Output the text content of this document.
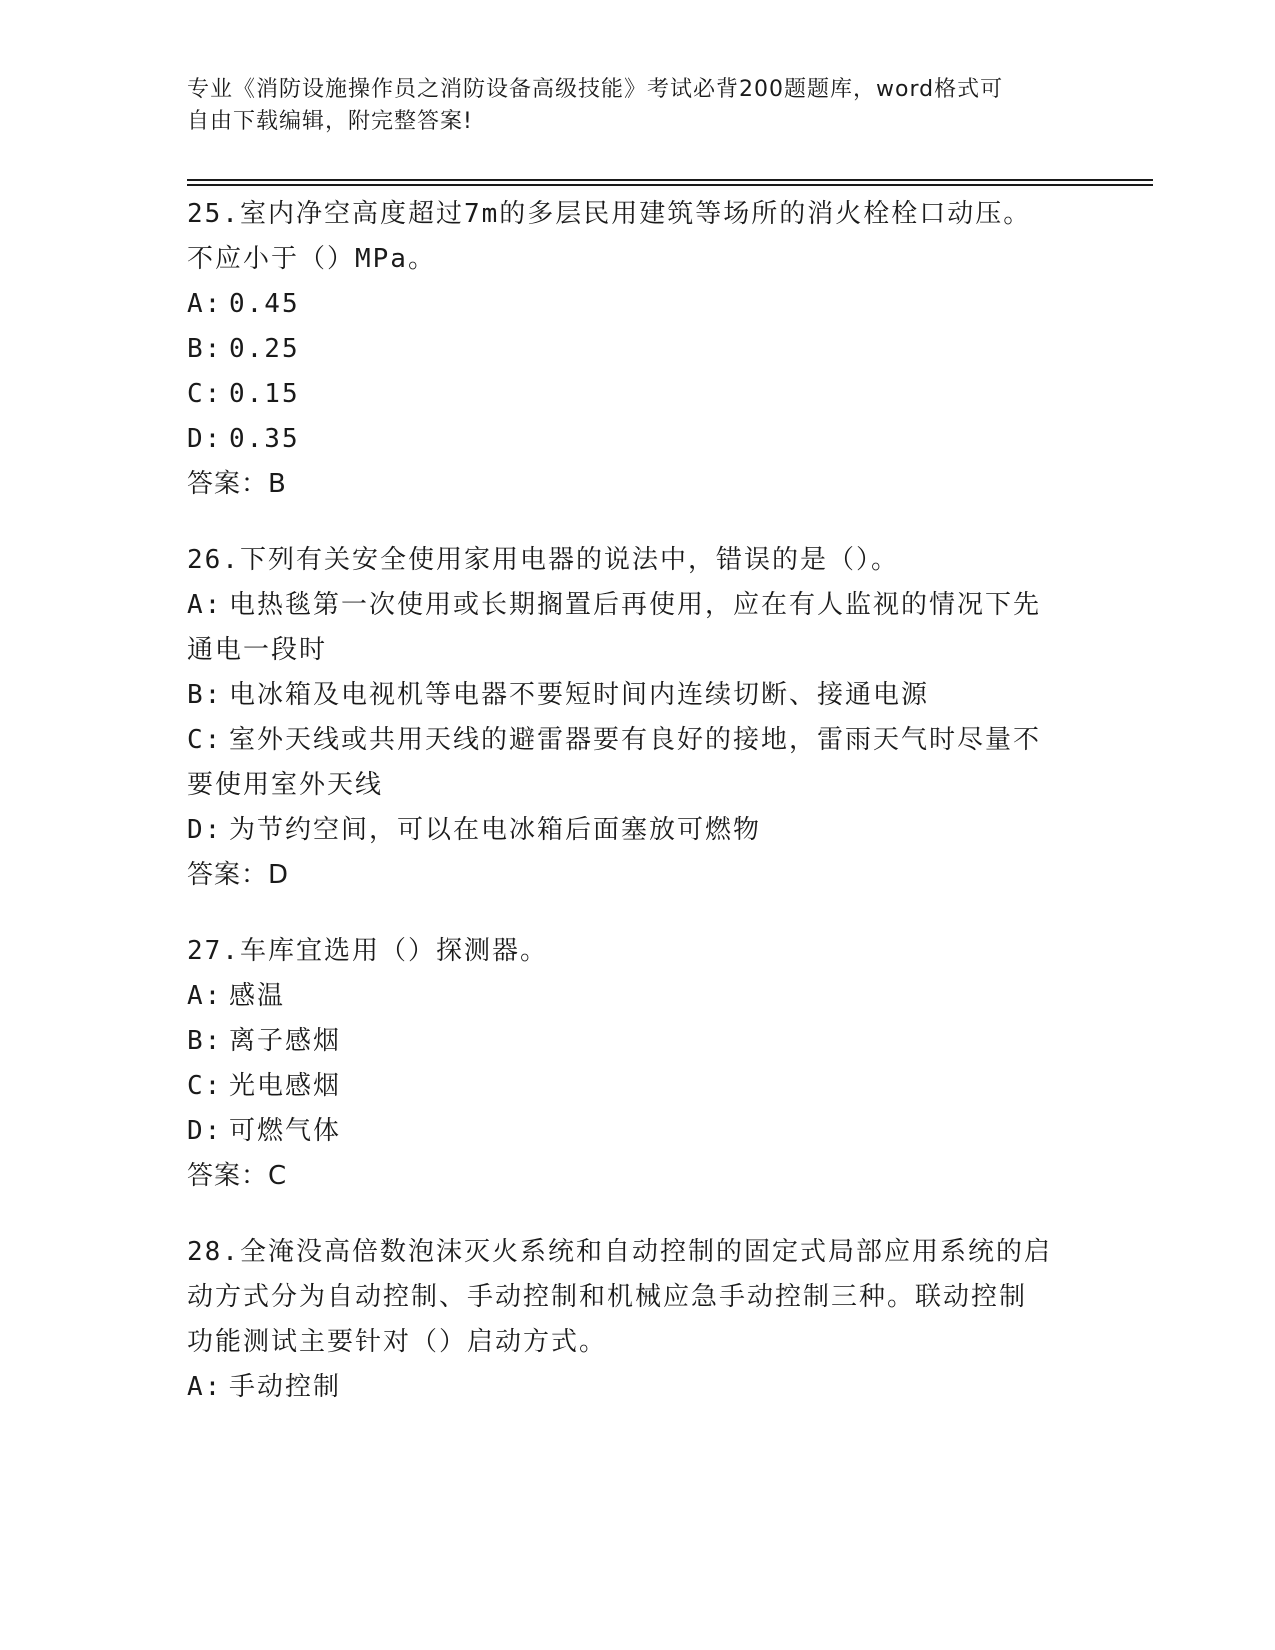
专业《消防设施操作员之消防设备高级技能》考试必背200题题库，word格式可
自由下载编辑，附完整答案!
25.室内净空高度超过7m的多层民用建筑等场所的消火栓栓口动压。
不应小于（）MPa。
A: 0.45
B: 0.25
C: 0.15
D: 0.35
答案：B
26.下列有关安全使用家用电器的说法中，错误的是（）。
A: 电热毯第一次使用或长期搁置后再使用，应在有人监视的情况下先
通电一段时
B: 电冰箱及电视机等电器不要短时间内连续切断、接通电源
C: 室外天线或共用天线的避雷器要有良好的接地，雷雨天气时尽量不
要使用室外天线
D: 为节约空间，可以在电冰箱后面塞放可燃物
答案：D
27.车库宜选用（）探测器。
A: 感温
B: 离子感烟
C: 光电感烟
D: 可燃气体
答案：C
28.全淹没高倍数泡沫灭火系统和自动控制的固定式局部应用系统的启
动方式分为自动控制、手动控制和机械应急手动控制三种。联动控制
功能测试主要针对（）启动方式。
A: 手动控制
